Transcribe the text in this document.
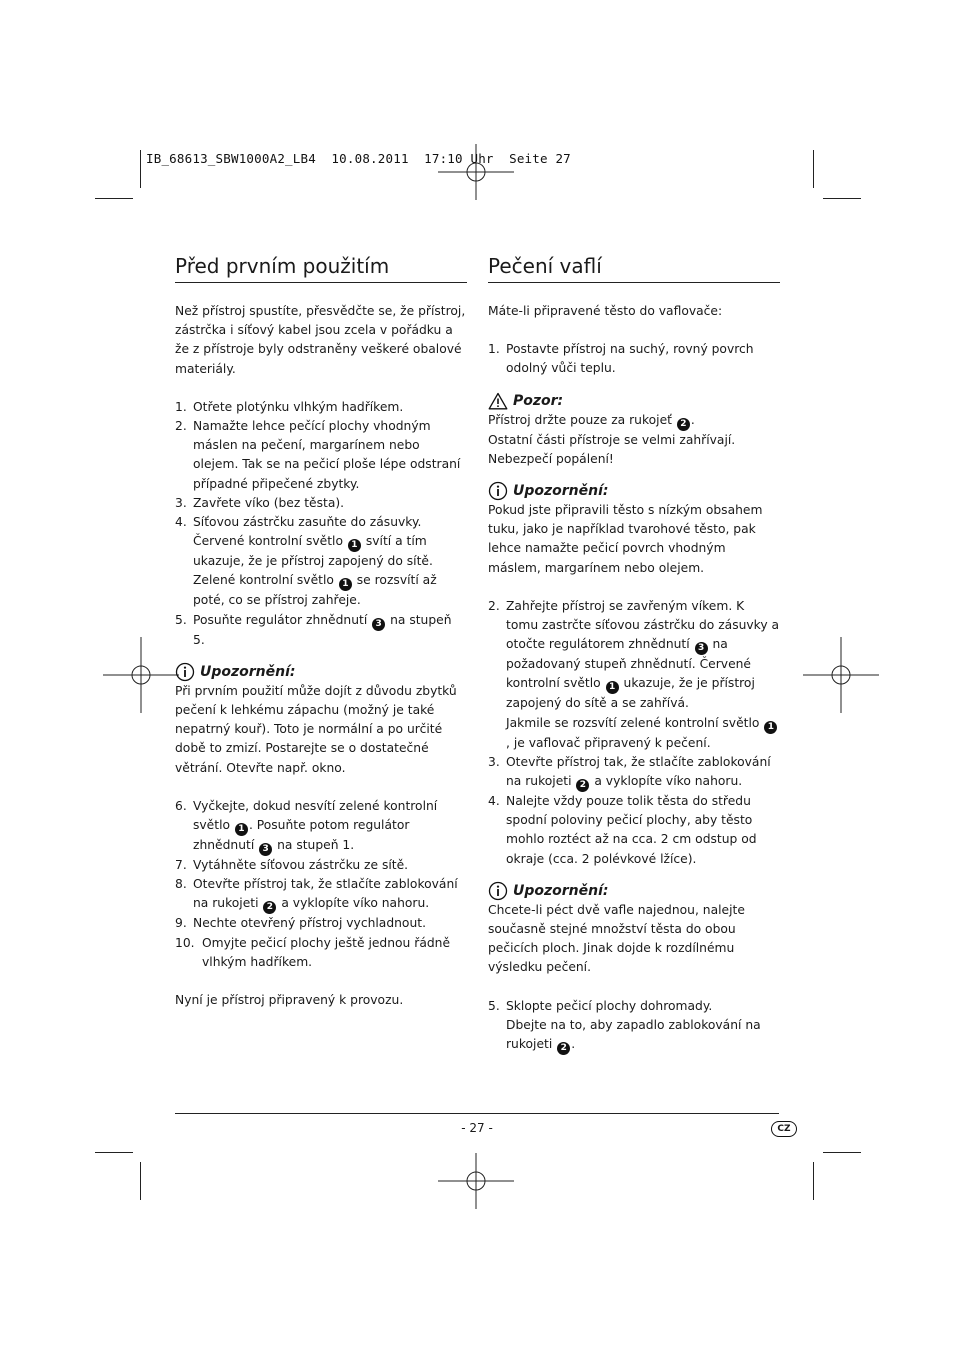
IB_68613_SBW1000A2_LB4  10.08.2011  17:10 Uhr  Seite 27
Před prvním použitím

Než přístroj spustíte, přesvědčte se, že přístroj, zástrčka i síťový kabel jsou zcela v pořádku a že z přístroje byly odstraněny veškeré obalové materiály.

1. Otřete plotýnku vlhkým hadříkem.
2. Namažte lehce pečící plochy vhodným máslen na pečení, margarínem nebo olejem. Tak se na pečicí ploše lépe odstraní případné připečené zbytky.
3. Zavřete víko (bez těsta).
4. Síťovou zástrčku zasuňte do zásuvky. Červené kontrolní světlo 1 svítí a tím ukazuje, že je přístroj zapojený do sítě. Zelené kontrolní světlo 1 se rozsvítí až poté, co se přístroj zahřeje.
5. Posuňte regulátor zhnědnutí 3 na stupeň 5.
Upozornění:

Při prvním použití může dojít z důvodu zbytků pečení k lehkému zápachu (možný je také nepatrný kouř). Toto je normální a po určité době to zmizí. Postarejte se o dostatečné větrání. Otevřte např. okno.

6. Vyčkejte, dokud nesvítí zelené kontrolní světlo 1 . Posuňte potom regulátor zhnědnutí 3 na stupeň 1.
7. Vytáhněte síťovou zástrčku ze sítě.
8. Otevřte přístroj tak, že stlačíte zablokování na rukojeti 2 a vyklopíte víko nahoru.
9. Nechte otevřený přístroj vychladnout.
10. Omyjte pečicí plochy ještě jednou řádně vlhkým hadříkem.

Nyní je přístroj připravený k provozu.

Pečení vaflí

Máte-li připravené těsto do vaflovače:

1. Postavte přístroj na suchý, rovný povrch odolný vůči teplu.
Pozor:

Přístroj držte pouze za rukojeť 2 .

Ostatní části přístroje se velmi zahřívají.

Nebezpečí popálení!

Upozornění:

Pokud jste připravili těsto s nízkým obsahem tuku, jako je například tvarohové těsto, pak lehce namažte pečicí povrch vhodným máslem, margarínem nebo olejem.

2. Zahřejte přístroj se zavřeným víkem. K tomu zastrčte síťovou zástrčku do zásuvky a otočte regulátorem zhnědnutí 3 na požadovaný stupeň zhnědnutí. Červené kontrolní světlo 1 ukazuje, že je přístroj zapojený do sítě a se zahřívá.
Jakmile se rozsvítí zelené kontrolní světlo 1, je vaflovač připravený k pečení.
3. Otevřte přístroj tak, že stlačíte zablokování na rukojeti 2 a vyklopíte víko nahoru.
4. Nalejte vždy pouze tolik těsta do středu spodní poloviny pečicí plochy, aby těsto mohlo roztéct až na cca. 2 cm odstup od okraje (cca. 2 polévkové lžíce).
Upozornění:

Chcete-li péct dvě vafle najednou, nalejte současně stejné množství těsta do obou pečicích ploch. Jinak dojde k rozdílnému výsledku pečení.

5. Sklopte pečicí plochy dohromady.
Dbejte na to, aby zapadlo zablokování na rukojeti 2 .
- 27 -	CZ
